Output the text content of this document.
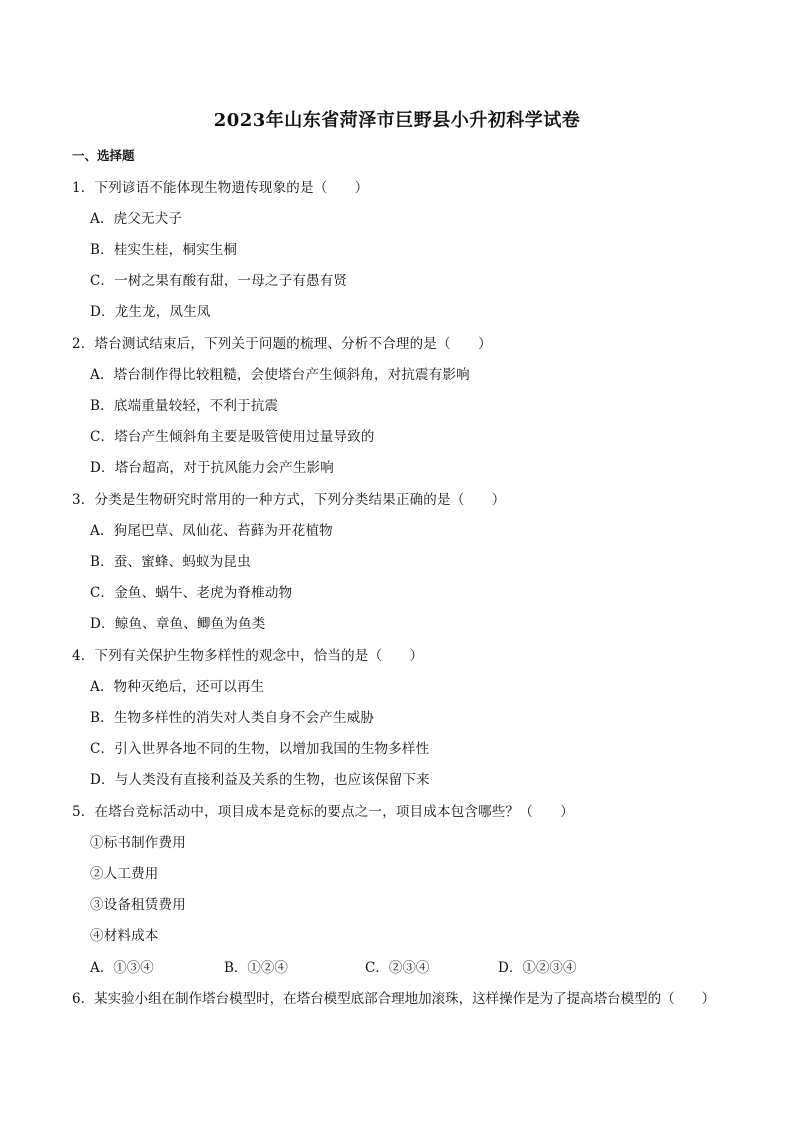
2023年山东省菏泽市巨野县小升初科学试卷
一、选择题
1．下列谚语不能体现生物遗传现象的是（　　）
A．虎父无犬子
B．桂实生桂，桐实生桐
C．一树之果有酸有甜，一母之子有愚有贤
D．龙生龙，凤生凤
2．塔台测试结束后，下列关于问题的梳理、分析不合理的是（　　）
A．塔台制作得比较粗糙，会使塔台产生倾斜角，对抗震有影响
B．底端重量较轻，不利于抗震
C．塔台产生倾斜角主要是吸管使用过量导致的
D．塔台超高，对于抗风能力会产生影响
3．分类是生物研究时常用的一种方式，下列分类结果正确的是（　　）
A．狗尾巴草、凤仙花、苔藓为开花植物
B．蚕、蜜蜂、蚂蚁为昆虫
C．金鱼、蜗牛、老虎为脊椎动物
D．鲸鱼、章鱼、鲫鱼为鱼类
4．下列有关保护生物多样性的观念中，恰当的是（　　）
A．物种灭绝后，还可以再生
B．生物多样性的消失对人类自身不会产生威胁
C．引入世界各地不同的生物，以增加我国的生物多样性
D．与人类没有直接利益及关系的生物，也应该保留下来
5．在塔台竞标活动中，项目成本是竞标的要点之一，项目成本包含哪些？（　　）
①标书制作费用
②人工费用
③设备租赁费用
④材料成本
A．①③④	B．①②④	C．②③④	D．①②③④
6．某实验小组在制作塔台模型时，在塔台模型底部合理地加滚珠，这样操作是为了提高塔台模型的（　　）
